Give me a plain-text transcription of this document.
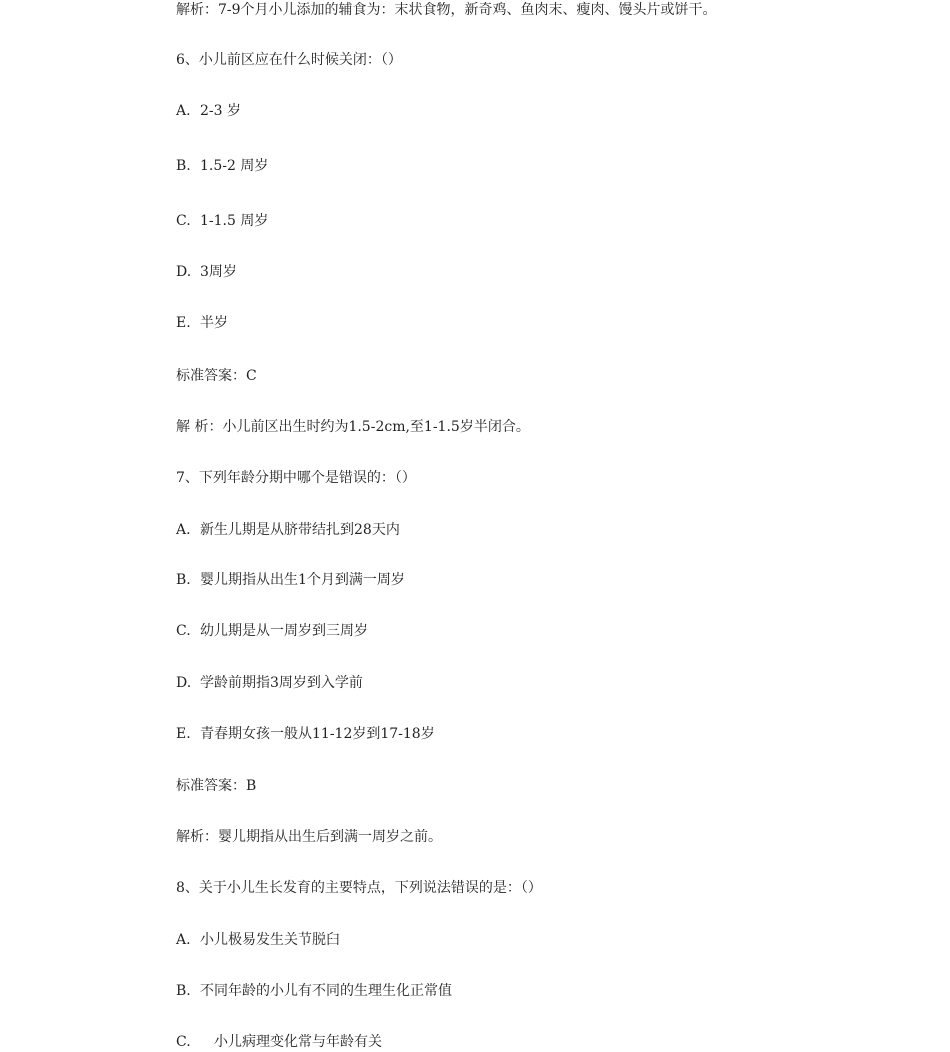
解析：7-9个月小儿添加的辅食为：末状食物，新奇鸡、鱼肉末、瘦肉、馒头片或饼干。
6、小儿前区应在什么时候关闭：（）
A. 2-3 岁
B. 1.5-2 周岁
C. 1-1.5 周岁
D. 3周岁
E. 半岁
标准答案：C
解 析：小儿前区出生时约为1.5-2cm,至1-1.5岁半闭合。
7、下列年龄分期中哪个是错误的：（）
A. 新生儿期是从脐带结扎到28天内
B. 婴儿期指从出生1个月到满一周岁
C. 幼儿期是从一周岁到三周岁
D. 学龄前期指3周岁到入学前
E. 青春期女孩一般从11-12岁到17-18岁
标准答案：B
解析：婴儿期指从出生后到满一周岁之前。
8、关于小儿生长发育的主要特点，下列说法错误的是：（）
A. 小儿极易发生关节脱臼
B. 不同年龄的小儿有不同的生理生化正常值
C. 小儿病理变化常与年龄有关
